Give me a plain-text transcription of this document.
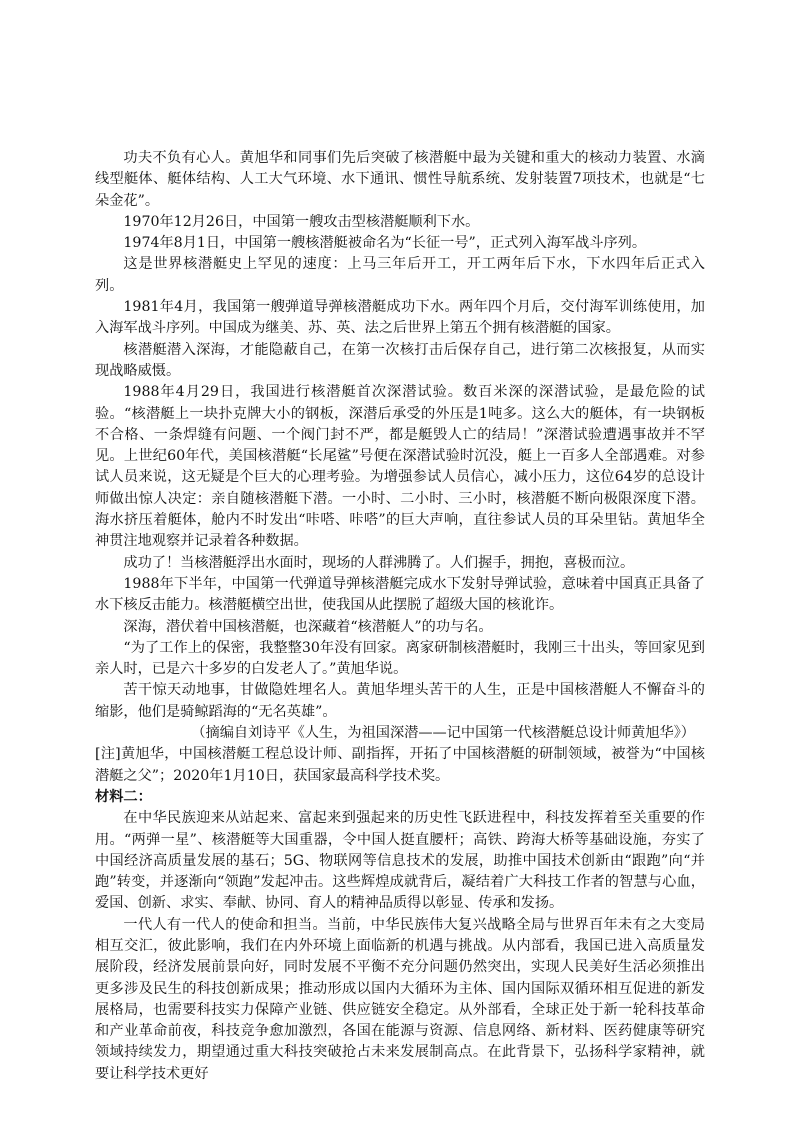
功夫不负有心人。黄旭华和同事们先后突破了核潜艇中最为关键和重大的核动力装置、水滴线型艇体、艇体结构、人工大气环境、水下通讯、惯性导航系统、发射装置7项技术，也就是“七朵金花”。

1970年12月26日，中国第一艘攻击型核潜艇顺利下水。

1974年8月1日，中国第一艘核潜艇被命名为“长征一号”，正式列入海军战斗序列。

这是世界核潜艇史上罕见的速度：上马三年后开工，开工两年后下水，下水四年后正式入列。

1981年4月，我国第一艘弹道导弹核潜艇成功下水。两年四个月后，交付海军训练使用，加入海军战斗序列。中国成为继美、苏、英、法之后世界上第五个拥有核潜艇的国家。

核潜艇潜入深海，才能隐蔽自己，在第一次核打击后保存自己，进行第二次核报复，从而实现战略威慑。

1988年4月29日，我国进行核潜艇首次深潜试验。数百米深的深潜试验，是最危险的试验。“核潜艇上一块扑克牌大小的钢板，深潜后承受的外压是1吨多。这么大的艇体，有一块钢板不合格、一条焊缝有问题、一个阀门封不严，都是艇毁人亡的结局！”深潜试验遭遇事故并不罕见。上世纪60年代，美国核潜艇“长尾鲨”号便在深潜试验时沉没，艇上一百多人全部遇难。对参试人员来说，这无疑是个巨大的心理考验。为增强参试人员信心，减小压力，这位64岁的总设计师做出惊人决定：亲自随核潜艇下潜。一小时、二小时、三小时，核潜艇不断向极限深度下潜。海水挤压着艇体，舱内不时发出“咔嗒、咔嗒”的巨大声响，直往参试人员的耳朵里钻。黄旭华全神贯注地观察并记录着各种数据。

成功了！当核潜艇浮出水面时，现场的人群沸腾了。人们握手，拥抱，喜极而泣。

1988年下半年，中国第一代弹道导弹核潜艇完成水下发射导弹试验，意味着中国真正具备了水下核反击能力。核潜艇横空出世，使我国从此摆脱了超级大国的核讹诈。

深海，潜伏着中国核潜艇，也深藏着“核潜艇人”的功与名。

“为了工作上的保密，我整整30年没有回家。离家研制核潜艇时，我刚三十出头，等回家见到亲人时，已是六十多岁的白发老人了。”黄旭华说。

苦干惊天动地事，甘做隐姓埋名人。黄旭华埋头苦干的人生，正是中国核潜艇人不懈奋斗的缩影，他们是骑鲸蹈海的“无名英雄”。

（摘编自刘诗平《人生，为祖国深潜——记中国第一代核潜艇总设计师黄旭华》）

[注]黄旭华，中国核潜艇工程总设计师、副指挥，开拓了中国核潜艇的研制领域，被誉为“中国核潜艇之父”；2020年1月10日，获国家最高科学技术奖。

材料二：

在中华民族迎来从站起来、富起来到强起来的历史性飞跃进程中，科技发挥着至关重要的作用。“两弹一星”、核潜艇等大国重器，令中国人挺直腰杆；高铁、跨海大桥等基础设施，夯实了中国经济高质量发展的基石；5G、物联网等信息技术的发展，助推中国技术创新由“跟跑”向“并跑”转变，并逐渐向“领跑”发起冲击。这些辉煌成就背后，凝结着广大科技工作者的智慧与心血，爱国、创新、求实、奉献、协同、育人的精神品质得以彰显、传承和发扬。

一代人有一代人的使命和担当。当前，中华民族伟大复兴战略全局与世界百年未有之大变局相互交汇，彼此影响，我们在内外环境上面临新的机遇与挑战。从内部看，我国已进入高质量发展阶段，经济发展前景向好，同时发展不平衡不充分问题仍然突出，实现人民美好生活必须推出更多涉及民生的科技创新成果；推动形成以国内大循环为主体、国内国际双循环相互促进的新发展格局，也需要科技实力保障产业链、供应链安全稳定。从外部看，全球正处于新一轮科技革命和产业革命前夜，科技竞争愈加激烈，各国在能源与资源、信息网络、新材料、医药健康等研究领域持续发力，期望通过重大科技突破抢占未来发展制高点。在此背景下，弘扬科学家精神，就要让科学技术更好
